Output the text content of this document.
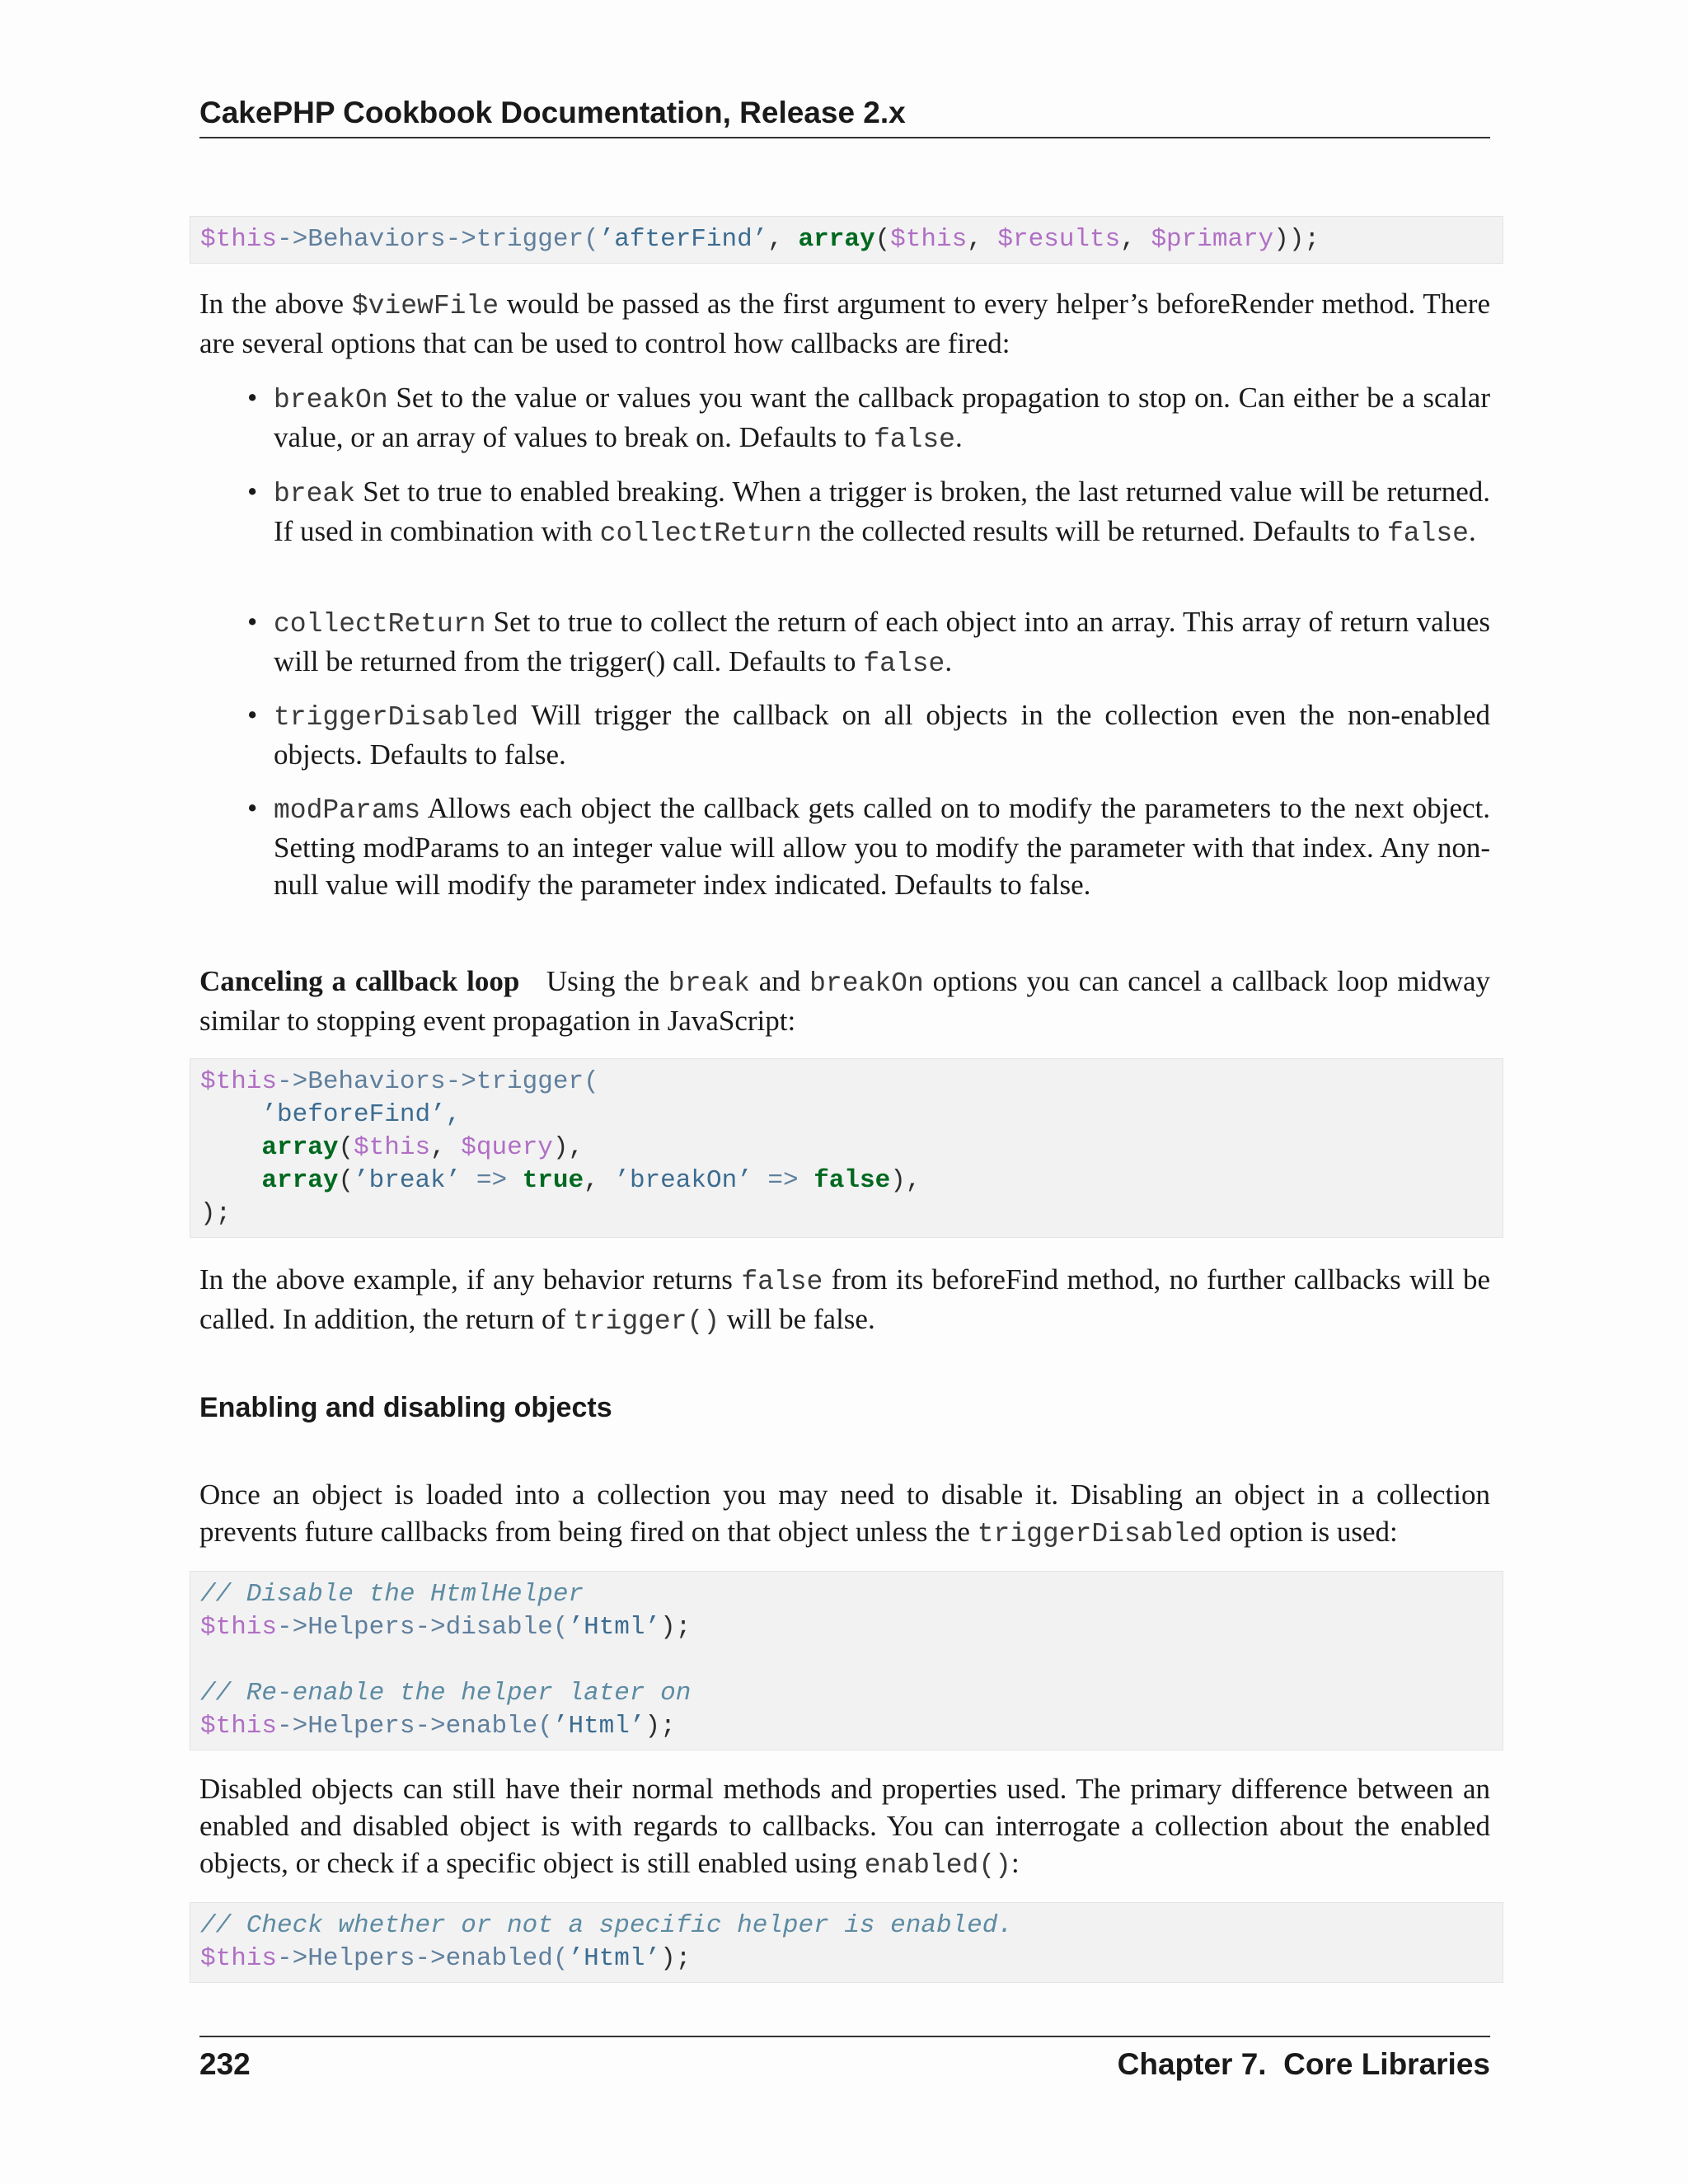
CakePHP Cookbook Documentation, Release 2.x
$this->Behaviors->trigger(’afterFind’, array($this, $results, $primary));
In the above $viewFile would be passed as the first argument to every helper’s beforeRender method. There are several options that can be used to control how callbacks are fired:
• breakOn Set to the value or values you want the callback propagation to stop on. Can either be a scalar value, or an array of values to break on. Defaults to false.
• break Set to true to enabled breaking. When a trigger is broken, the last returned value will be returned. If used in combination with collectReturn the collected results will be returned. Defaults to false.
• collectReturn Set to true to collect the return of each object into an array. This array of return values will be returned from the trigger() call. Defaults to false.
• triggerDisabled Will trigger the callback on all objects in the collection even the non-enabled objects. Defaults to false.
• modParams Allows each object the callback gets called on to modify the parameters to the next object. Setting modParams to an integer value will allow you to modify the parameter with that index. Any non-null value will modify the parameter index indicated. Defaults to false.
Canceling a callback loop   Using the break and breakOn options you can cancel a callback loop midway similar to stopping event propagation in JavaScript:
$this->Behaviors->trigger(
’beforeFind’,
array($this, $query),
array(’break’ => true, ’breakOn’ => false),
);
In the above example, if any behavior returns false from its beforeFind method, no further callbacks will be called. In addition, the return of trigger() will be false.
Enabling and disabling objects
Once an object is loaded into a collection you may need to disable it. Disabling an object in a collection prevents future callbacks from being fired on that object unless the triggerDisabled option is used:
// Disable the HtmlHelper
$this->Helpers->disable(’Html’);
// Re-enable the helper later on
$this->Helpers->enable(’Html’);
Disabled objects can still have their normal methods and properties used. The primary difference between an enabled and disabled object is with regards to callbacks. You can interrogate a collection about the enabled objects, or check if a specific object is still enabled using enabled():
// Check whether or not a specific helper is enabled.
$this->Helpers->enabled(’Html’);
232	Chapter 7.  Core Libraries
